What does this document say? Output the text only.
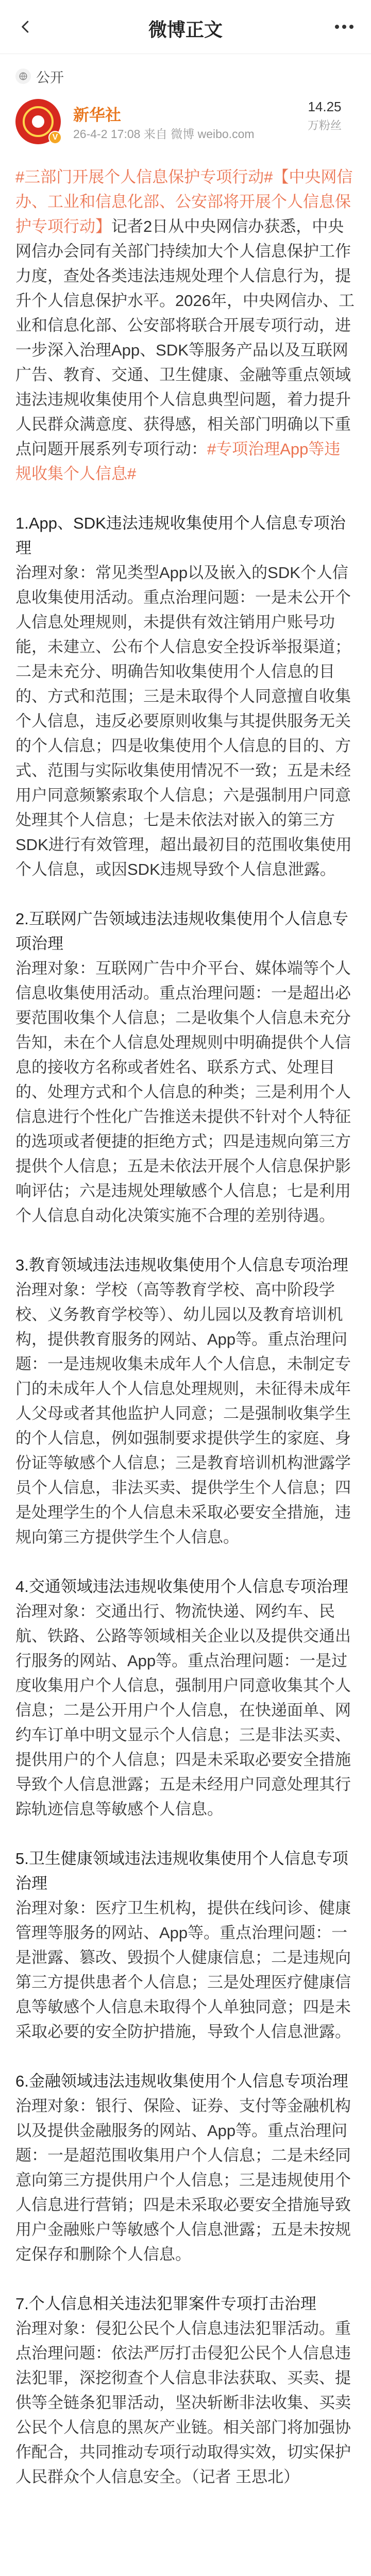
微博正文
公开
V
新华社
26-4-2 17:08 来自 微博 weibo.com
14.25
万粉丝

#三部门开展个人信息保护专项行动#【中央网信办、工业和信息化部、公安部将开展个人信息保护专项行动】记者2日从中央网信办获悉，中央网信办会同有关部门持续加大个人信息保护工作力度，查处各类违法违规处理个人信息行为，提升个人信息保护水平。2026年，中央网信办、工业和信息化部、公安部将联合开展专项行动，进一步深入治理App、SDK等服务产品以及互联网广告、教育、交通、卫生健康、金融等重点领域违法违规收集使用个人信息典型问题，着力提升人民群众满意度、获得感，相关部门明确以下重点问题开展系列专项行动：#专项治理App等违规收集个人信息#

1.App、SDK违法违规收集使用个人信息专项治理
治理对象：常见类型App以及嵌入的SDK个人信息收集使用活动。重点治理问题：一是未公开个人信息处理规则，未提供有效注销用户账号功能，未建立、公布个人信息安全投诉举报渠道；二是未充分、明确告知收集使用个人信息的目的、方式和范围；三是未取得个人同意擅自收集个人信息，违反必要原则收集与其提供服务无关的个人信息；四是收集使用个人信息的目的、方式、范围与实际收集使用情况不一致；五是未经用户同意频繁索取个人信息；六是强制用户同意处理其个人信息；七是未依法对嵌入的第三方SDK进行有效管理，超出最初目的范围收集使用个人信息，或因SDK违规导致个人信息泄露。

2.互联网广告领域违法违规收集使用个人信息专项治理
治理对象：互联网广告中介平台、媒体端等个人信息收集使用活动。重点治理问题：一是超出必要范围收集个人信息；二是收集个人信息未充分告知，未在个人信息处理规则中明确提供个人信息的接收方名称或者姓名、联系方式、处理目的、处理方式和个人信息的种类；三是利用个人信息进行个性化广告推送未提供不针对个人特征的选项或者便捷的拒绝方式；四是违规向第三方提供个人信息；五是未依法开展个人信息保护影响评估；六是违规处理敏感个人信息；七是利用个人信息自动化决策实施不合理的差别待遇。

3.教育领域违法违规收集使用个人信息专项治理
治理对象：学校（高等教育学校、高中阶段学校、义务教育学校等）、幼儿园以及教育培训机构，提供教育服务的网站、App等。重点治理问题：一是违规收集未成年人个人信息，未制定专门的未成年人个人信息处理规则，未征得未成年人父母或者其他监护人同意；二是强制收集学生的个人信息，例如强制要求提供学生的家庭、身份证等敏感个人信息；三是教育培训机构泄露学员个人信息，非法买卖、提供学生个人信息；四是处理学生的个人信息未采取必要安全措施，违规向第三方提供学生个人信息。

4.交通领域违法违规收集使用个人信息专项治理
治理对象：交通出行、物流快递、网约车、民航、铁路、公路等领域相关企业以及提供交通出行服务的网站、App等。重点治理问题：一是过度收集用户个人信息，强制用户同意收集其个人信息；二是公开用户个人信息，在快递面单、网约车订单中明文显示个人信息；三是非法买卖、提供用户的个人信息；四是未采取必要安全措施导致个人信息泄露；五是未经用户同意处理其行踪轨迹信息等敏感个人信息。

5.卫生健康领域违法违规收集使用个人信息专项治理
治理对象：医疗卫生机构，提供在线问诊、健康管理等服务的网站、App等。重点治理问题：一是泄露、篡改、毁损个人健康信息；二是违规向第三方提供患者个人信息；三是处理医疗健康信息等敏感个人信息未取得个人单独同意；四是未采取必要的安全防护措施，导致个人信息泄露。

6.金融领域违法违规收集使用个人信息专项治理
治理对象：银行、保险、证券、支付等金融机构以及提供金融服务的网站、App等。重点治理问题：一是超范围收集用户个人信息；二是未经同意向第三方提供用户个人信息；三是违规使用个人信息进行营销；四是未采取必要安全措施导致用户金融账户等敏感个人信息泄露；五是未按规定保存和删除个人信息。

7.个人信息相关违法犯罪案件专项打击治理
治理对象：侵犯公民个人信息违法犯罪活动。重点治理问题：依法严厉打击侵犯公民个人信息违法犯罪，深挖彻查个人信息非法获取、买卖、提供等全链条犯罪活动，坚决斩断非法收集、买卖公民个人信息的黑灰产业链。相关部门将加强协作配合，共同推动专项行动取得实效，切实保护人民群众个人信息安全。（记者 王思北）
